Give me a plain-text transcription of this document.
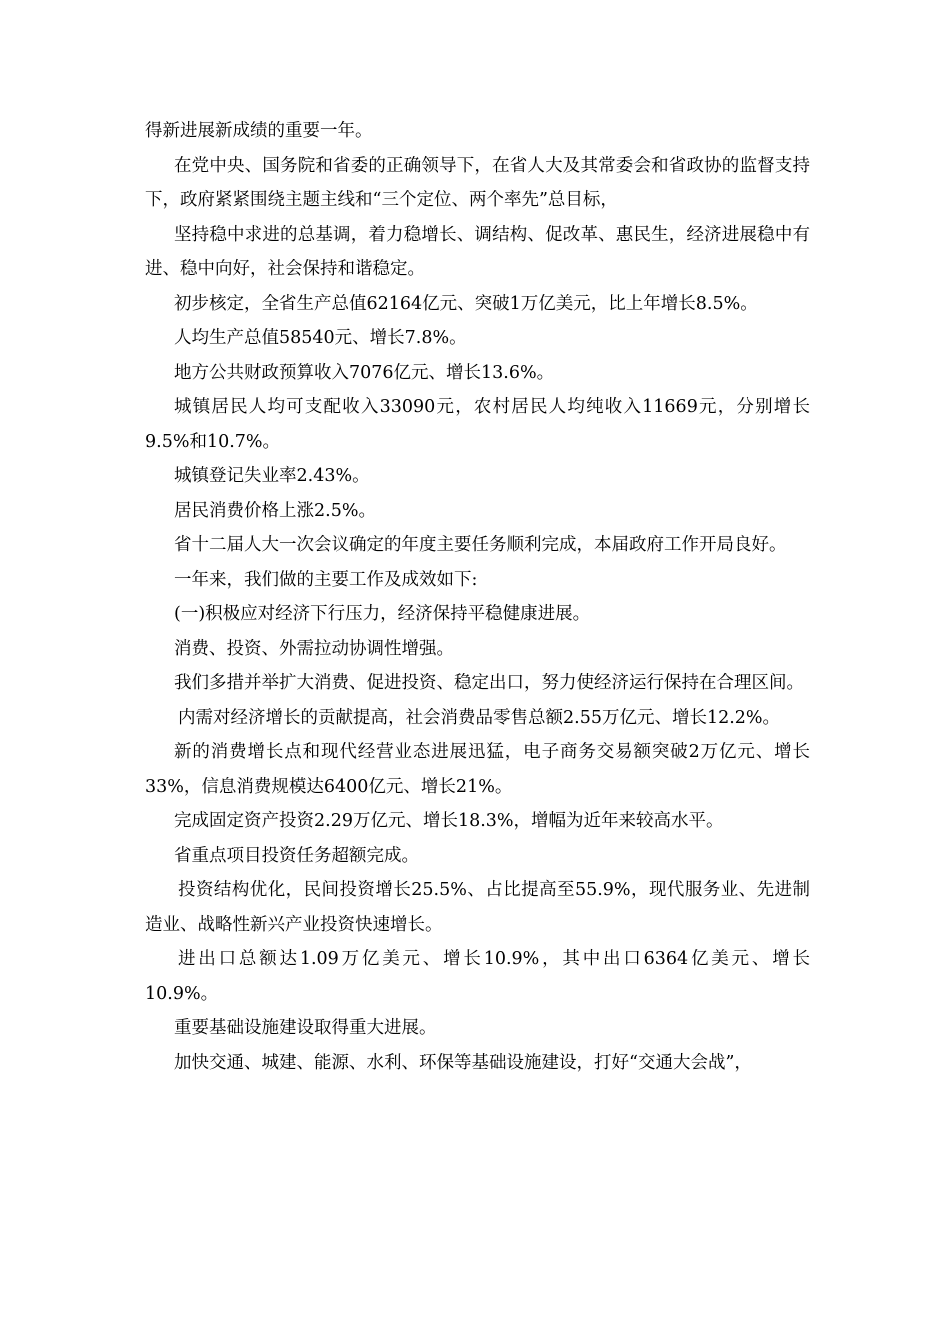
得新进展新成绩的重要一年。

在党中央、国务院和省委的正确领导下，在省人大及其常委会和省政协的监督支持下，政府紧紧围绕主题主线和“三个定位、两个率先”总目标，

坚持稳中求进的总基调，着力稳增长、调结构、促改革、惠民生，经济进展稳中有进、稳中向好，社会保持和谐稳定。

初步核定，全省生产总值62164亿元、突破1万亿美元，比上年增长8.5%。

人均生产总值58540元、增长7.8%。

地方公共财政预算收入7076亿元、增长13.6%。

城镇居民人均可支配收入33090元，农村居民人均纯收入11669元，分别增长9.5%和10.7%。

城镇登记失业率2.43%。

居民消费价格上涨2.5%。

省十二届人大一次会议确定的年度主要任务顺利完成，本届政府工作开局良好。

一年来，我们做的主要工作及成效如下:

(一)积极应对经济下行压力，经济保持平稳健康进展。

消费、投资、外需拉动协调性增强。

我们多措并举扩大消费、促进投资、稳定出口，努力使经济运行保持在合理区间。

内需对经济增长的贡献提高，社会消费品零售总额2.55万亿元、增长12.2%。

新的消费增长点和现代经营业态进展迅猛，电子商务交易额突破2万亿元、增长33%，信息消费规模达6400亿元、增长21%。

完成固定资产投资2.29万亿元、增长18.3%，增幅为近年来较高水平。

省重点项目投资任务超额完成。

投资结构优化，民间投资增长25.5%、占比提高至55.9%，现代服务业、先进制造业、战略性新兴产业投资快速增长。

进出口总额达1.09万亿美元、增长10.9%，其中出口6364亿美元、增长10.9%。

重要基础设施建设取得重大进展。

加快交通、城建、能源、水利、环保等基础设施建设，打好“交通大会战”，
